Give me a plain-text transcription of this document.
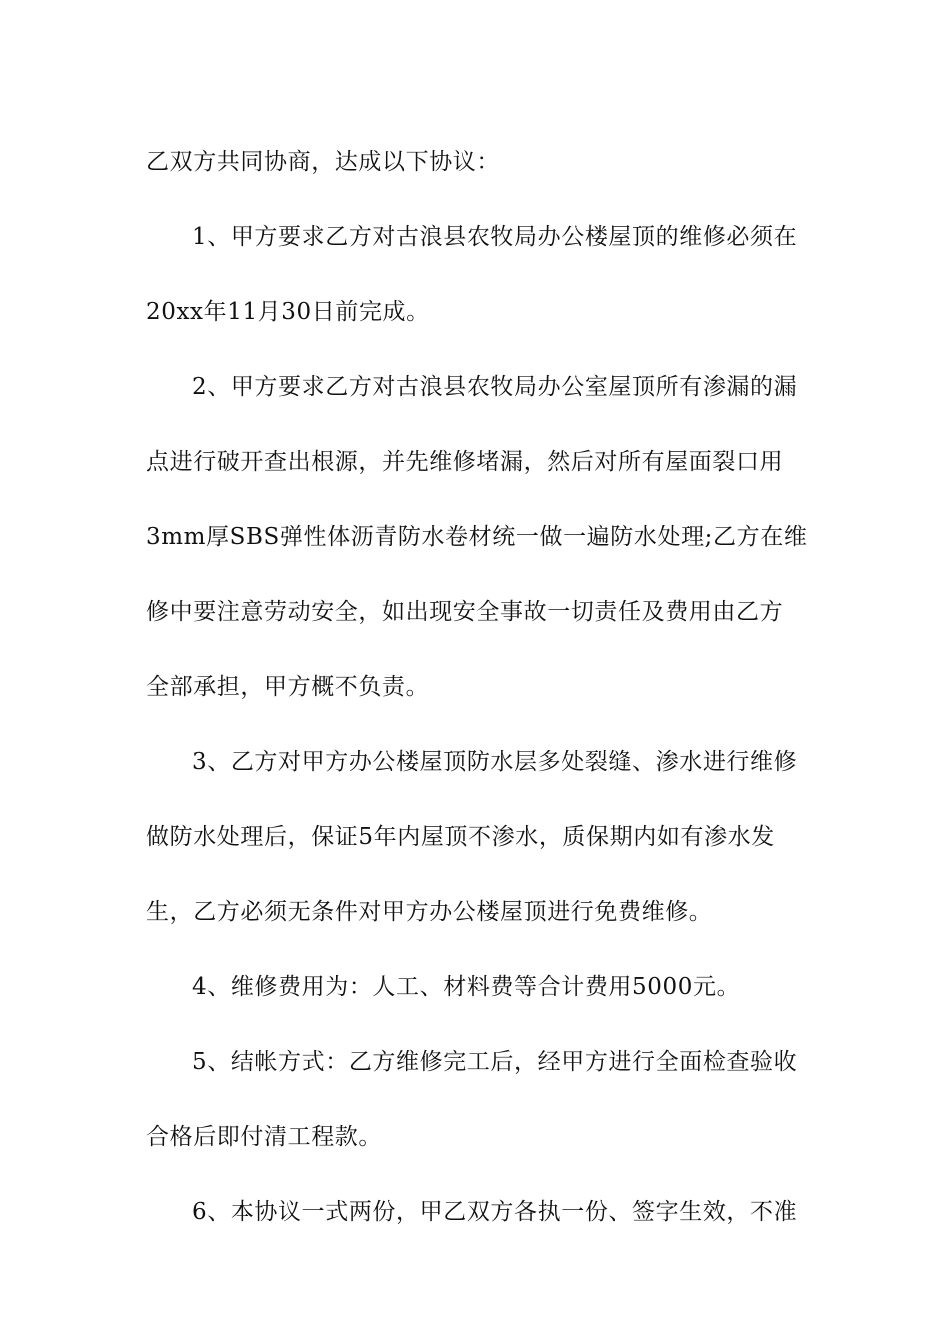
乙双方共同协商，达成以下协议：
1、甲方要求乙方对古浪县农牧局办公楼屋顶的维修必须在
20xx年11月30日前完成。
2、甲方要求乙方对古浪县农牧局办公室屋顶所有渗漏的漏
点进行破开查出根源，并先维修堵漏，然后对所有屋面裂口用
3mm厚SBS弹性体沥青防水卷材统一做一遍防水处理;乙方在维
修中要注意劳动安全，如出现安全事故一切责任及费用由乙方
全部承担，甲方概不负责。
3、乙方对甲方办公楼屋顶防水层多处裂缝、渗水进行维修
做防水处理后，保证5年内屋顶不渗水，质保期内如有渗水发
生，乙方必须无条件对甲方办公楼屋顶进行免费维修。
4、维修费用为：人工、材料费等合计费用5000元。
5、结帐方式：乙方维修完工后，经甲方进行全面检查验收
合格后即付清工程款。
6、本协议一式两份，甲乙双方各执一份、签字生效，不准
